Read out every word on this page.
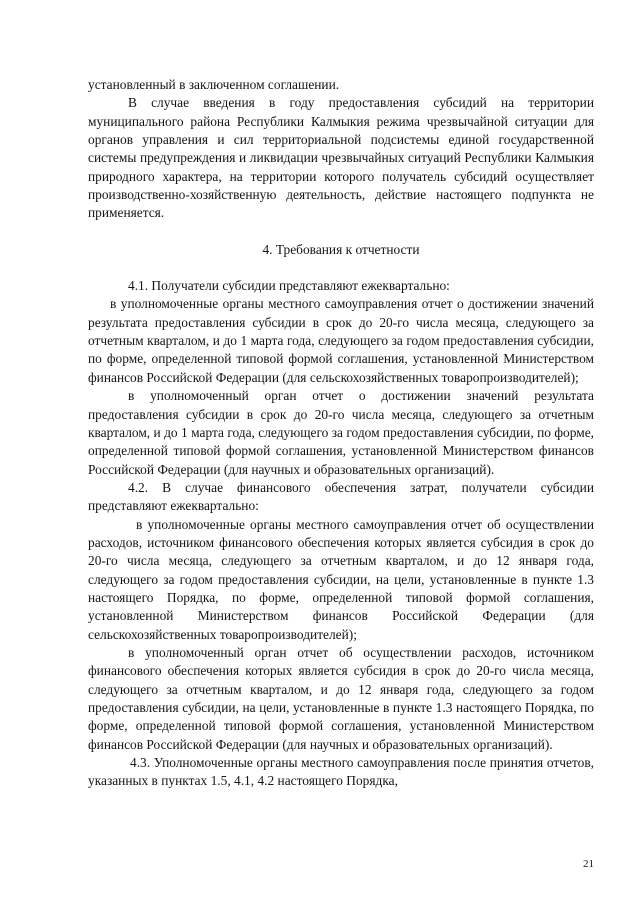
установленный в заключенном соглашении.

В случае введения в году предоставления субсидий на территории муниципального района Республики Калмыкия режима чрезвычайной ситуации для органов управления и сил территориальной подсистемы единой государственной системы предупреждения и ликвидации чрезвычайных ситуаций Республики Калмыкия природного характера, на территории которого получатель субсидий осуществляет производственно-хозяйственную деятельность, действие настоящего подпункта не применяется.

4. Требования к отчетности

4.1. Получатели субсидии представляют ежеквартально:

в уполномоченные органы местного самоуправления отчет о достижении значений результата предоставления субсидии в срок до 20-го числа месяца, следующего за отчетным кварталом, и до 1 марта года, следующего за годом предоставления субсидии, по форме, определенной типовой формой соглашения, установленной Министерством финансов Российской Федерации (для сельскохозяйственных товаропроизводителей);

в уполномоченный орган отчет о достижении значений результата предоставления субсидии в срок до 20-го числа месяца, следующего за отчетным кварталом, и до 1 марта года, следующего за годом предоставления субсидии, по форме, определенной типовой формой соглашения, установленной Министерством финансов Российской Федерации (для научных и образовательных организаций).

4.2. В случае финансового обеспечения затрат, получатели субсидии представляют ежеквартально:

в уполномоченные органы местного самоуправления отчет об осуществлении расходов, источником финансового обеспечения которых является субсидия в срок до 20-го числа месяца, следующего за отчетным кварталом, и до 12 января года, следующего за годом предоставления субсидии, на цели, установленные в пункте 1.3 настоящего Порядка, по форме, определенной типовой формой соглашения, установленной Министерством финансов Российской Федерации (для сельскохозяйственных товаропроизводителей);

в уполномоченный орган отчет об осуществлении расходов, источником финансового обеспечения которых является субсидия в срок до 20-го числа месяца, следующего за отчетным кварталом, и до 12 января года, следующего за годом предоставления субсидии, на цели, установленные в пункте 1.3 настоящего Порядка, по форме, определенной типовой формой соглашения, установленной Министерством финансов Российской Федерации (для научных и образовательных организаций).

4.3. Уполномоченные органы местного самоуправления после принятия отчетов, указанных в пунктах 1.5, 4.1, 4.2 настоящего Порядка,

21
